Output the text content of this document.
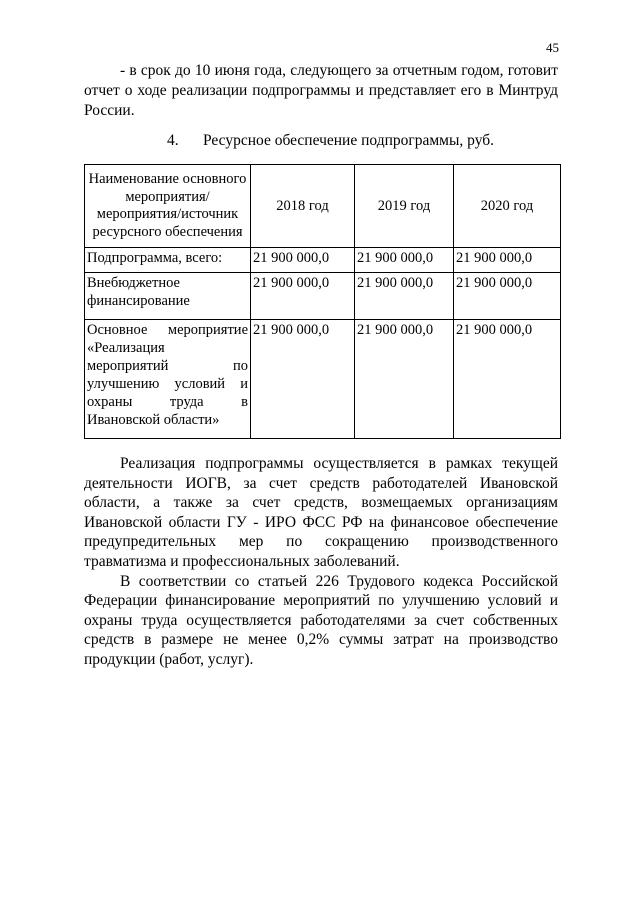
45

- в срок до 10 июня года, следующего за отчетным годом, готовит отчет о ходе реализации подпрограммы и представляет его в Минтруд России.

4. Ресурсное обеспечение подпрограммы, руб.
Наименование основного мероприятия/ мероприятия/источник ресурсного обеспечения	2018 год	2019 год	2020 год
Подпрограмма, всего:	21 900 000,0	21 900 000,0	21 900 000,0
Внебюджетное финансирование	21 900 000,0	21 900 000,0	21 900 000,0
Основное мероприятие «Реализация мероприятий по улучшению условий и охраны труда в Ивановской области»	21 900 000,0	21 900 000,0	21 900 000,0

Реализация подпрограммы осуществляется в рамках текущей деятельности ИОГВ, за счет средств работодателей Ивановской области, а также за счет средств, возмещаемых организациям Ивановской области ГУ - ИРО ФСС РФ на финансовое обеспечение предупредительных мер по сокращению производственного травматизма и профессиональных заболеваний.

В соответствии со статьей 226 Трудового кодекса Российской Федерации финансирование мероприятий по улучшению условий и охраны труда осуществляется работодателями за счет собственных средств в размере не менее 0,2% суммы затрат на производство продукции (работ, услуг).
